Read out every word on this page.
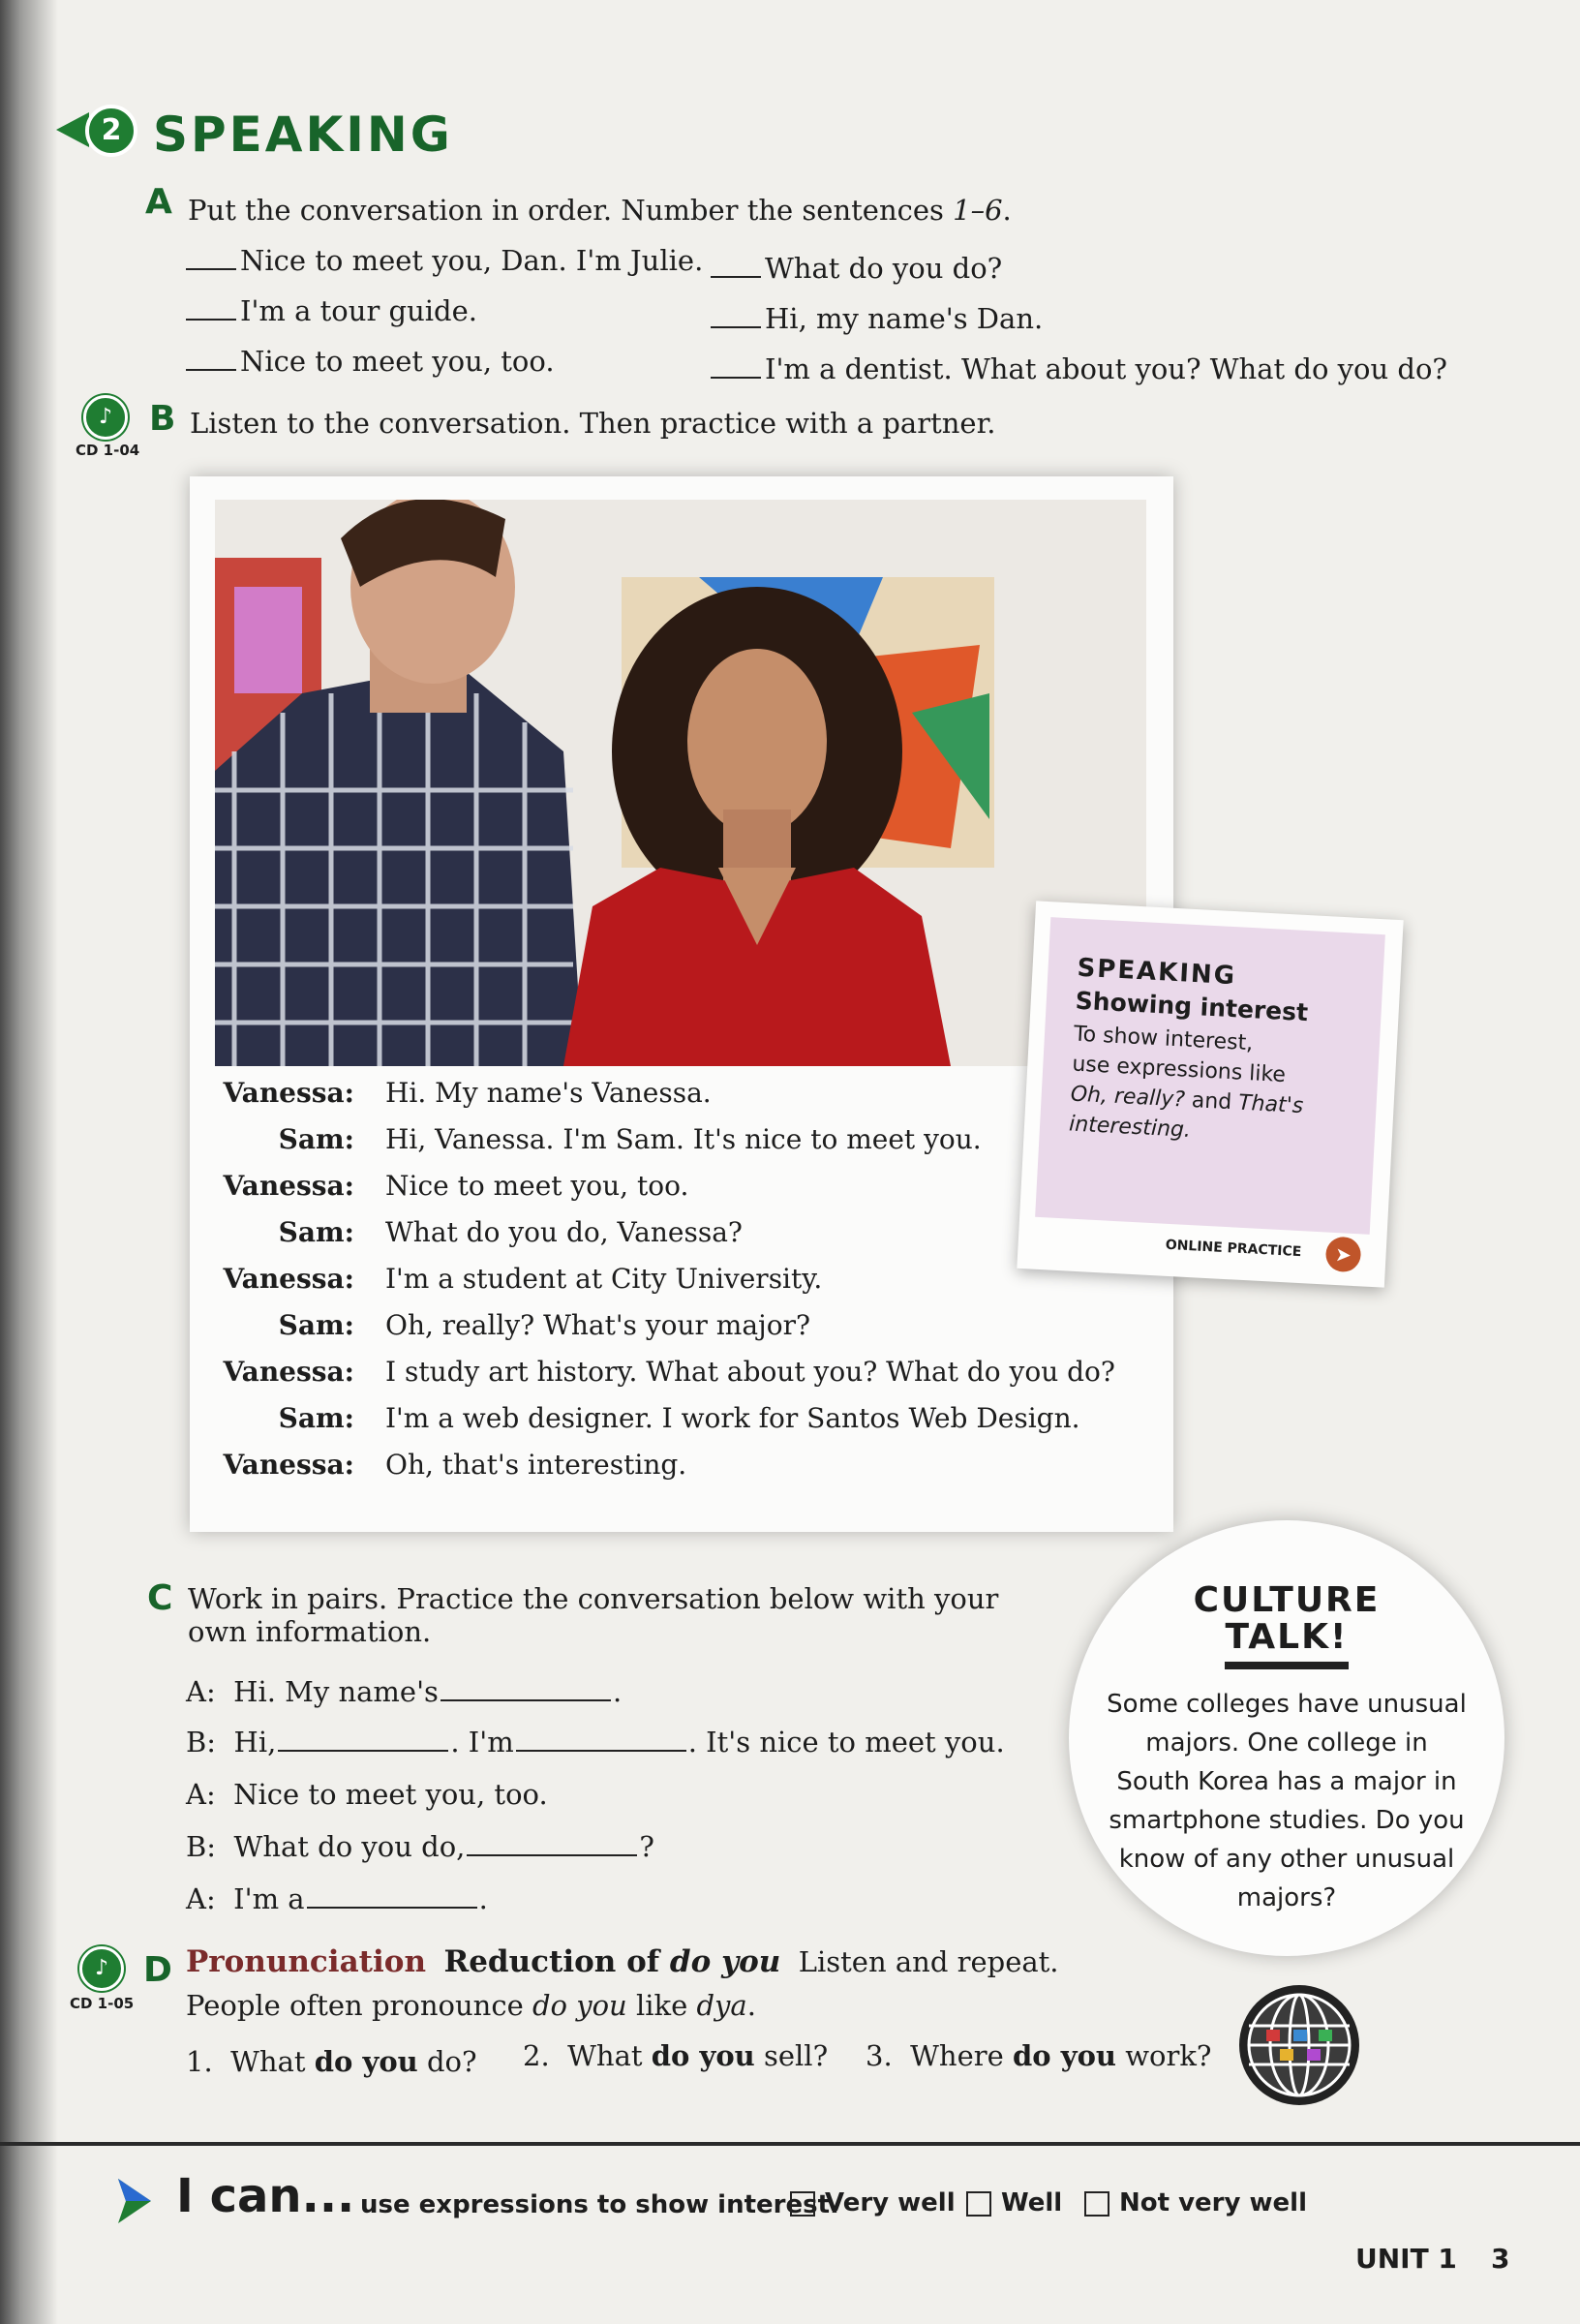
2 SPEAKING
A Put the conversation in order. Number the sentences 1–6.
Nice to meet you, Dan. I'm Julie.
I'm a tour guide.
Nice to meet you, too.
What do you do?
Hi, my name's Dan.
I'm a dentist. What about you? What do you do?
♪
CD 1-04
B Listen to the conversation. Then practice with a partner.
Vanessa: Hi. My name's Vanessa.
Sam: Hi, Vanessa. I'm Sam. It's nice to meet you.
Vanessa: Nice to meet you, too.
Sam: What do you do, Vanessa?
Vanessa: I'm a student at City University.
Sam: Oh, really? What's your major?
Vanessa: I study art history. What about you? What do you do?
Sam: I'm a web designer. I work for Santos Web Design.
Vanessa: Oh, that's interesting.
SPEAKING
Showing interest
To show interest,
use expressions like
Oh, really? and That's
interesting.
ONLINE PRACTICE	➤
C Work in pairs. Practice the conversation below with your
own information.
A: Hi. My name's	.
B: Hi,	. I'm	. It's nice to meet you.
A: Nice to meet you, too.
B: What do you do,	?
A: I'm a	.
CULTURE
TALK!
Some colleges have unusual
majors. One college in
South Korea has a major in
smartphone studies. Do you
know of any other unusual
majors?
♪
CD 1-05
D Pronunciation Reduction of do you Listen and repeat.
People often pronounce do you like dya.
1. What do you do? 2. What do you sell? 3. Where do you work?
I can... use expressions to show interest.
Very well	Well	Not very well
UNIT 1 3
